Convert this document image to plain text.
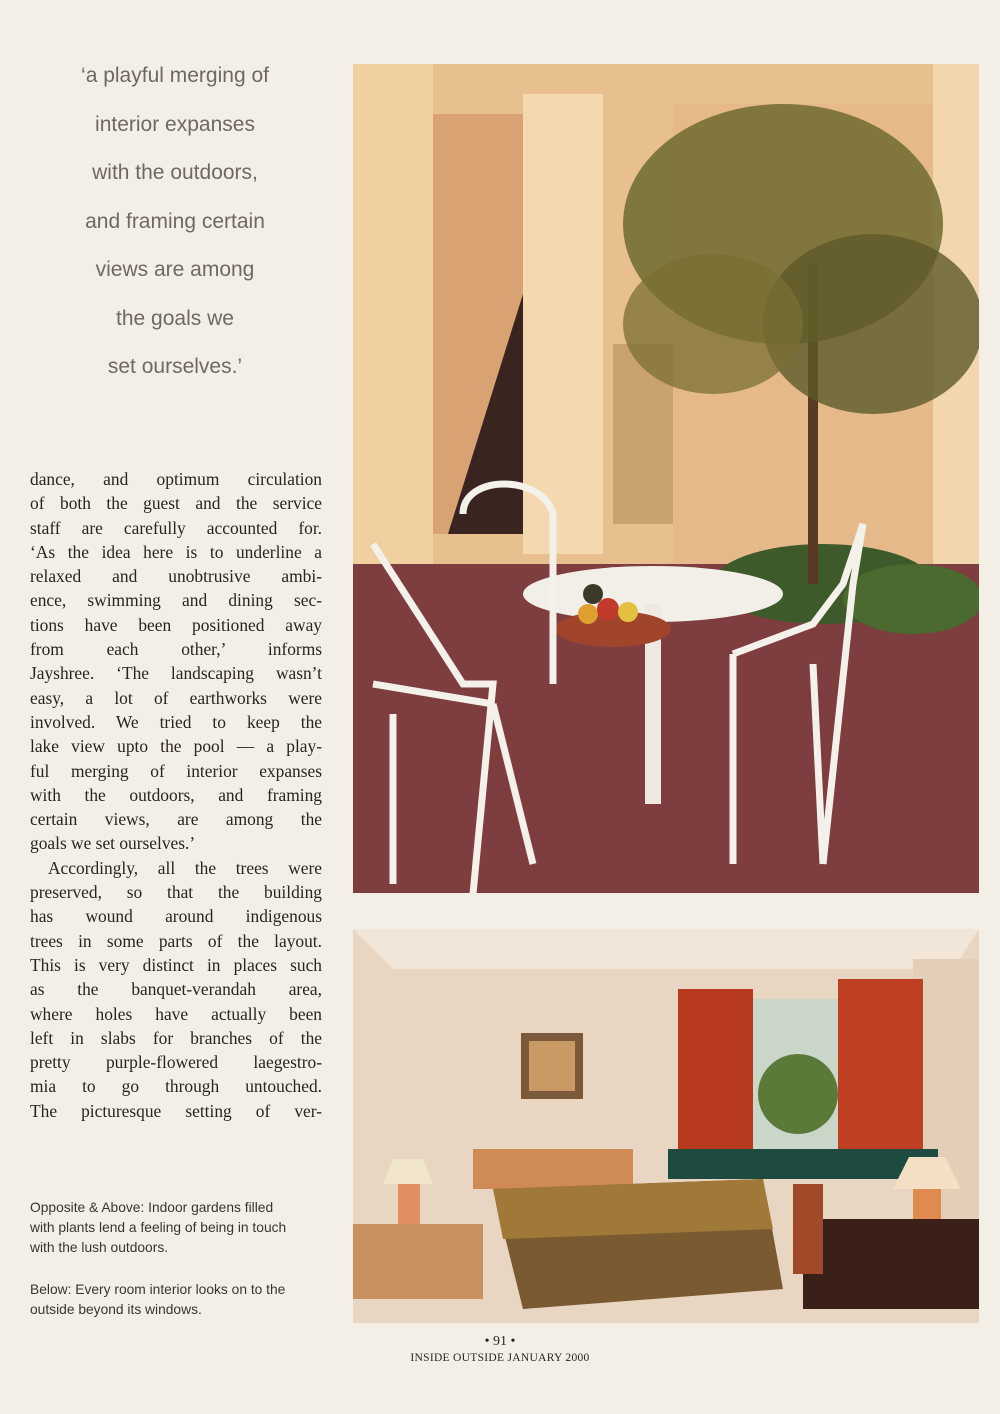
‘a playful merging of
interior expanses
with the outdoors,
and framing certain
views are among
the goals we
set ourselves.’
dance, and optimum circulation
of both the guest and the service
staff are carefully accounted for.
‘As the idea here is to underline a
relaxed and unobtrusive ambi-
ence, swimming and dining sec-
tions have been positioned away
from each other,’ informs
Jayshree. ‘The landscaping wasn’t
easy, a lot of earthworks were
involved. We tried to keep the
lake view upto the pool — a play-
ful merging of interior expanses
with the outdoors, and framing
certain views, are among the
goals we set ourselves.’
Accordingly, all the trees were
preserved, so that the building
has wound around indigenous
trees in some parts of the layout.
This is very distinct in places such
as the banquet-verandah area,
where holes have actually been
left in slabs for branches of the
pretty purple-flowered laegestro-
mia to go through untouched.
The picturesque setting of ver-
Opposite & Above: Indoor gardens filled
with plants lend a feeling of being in touch
with the lush outdoors.
Below: Every room interior looks on to the
outside beyond its windows.
• 91 •
INSIDE OUTSIDE JANUARY 2000
